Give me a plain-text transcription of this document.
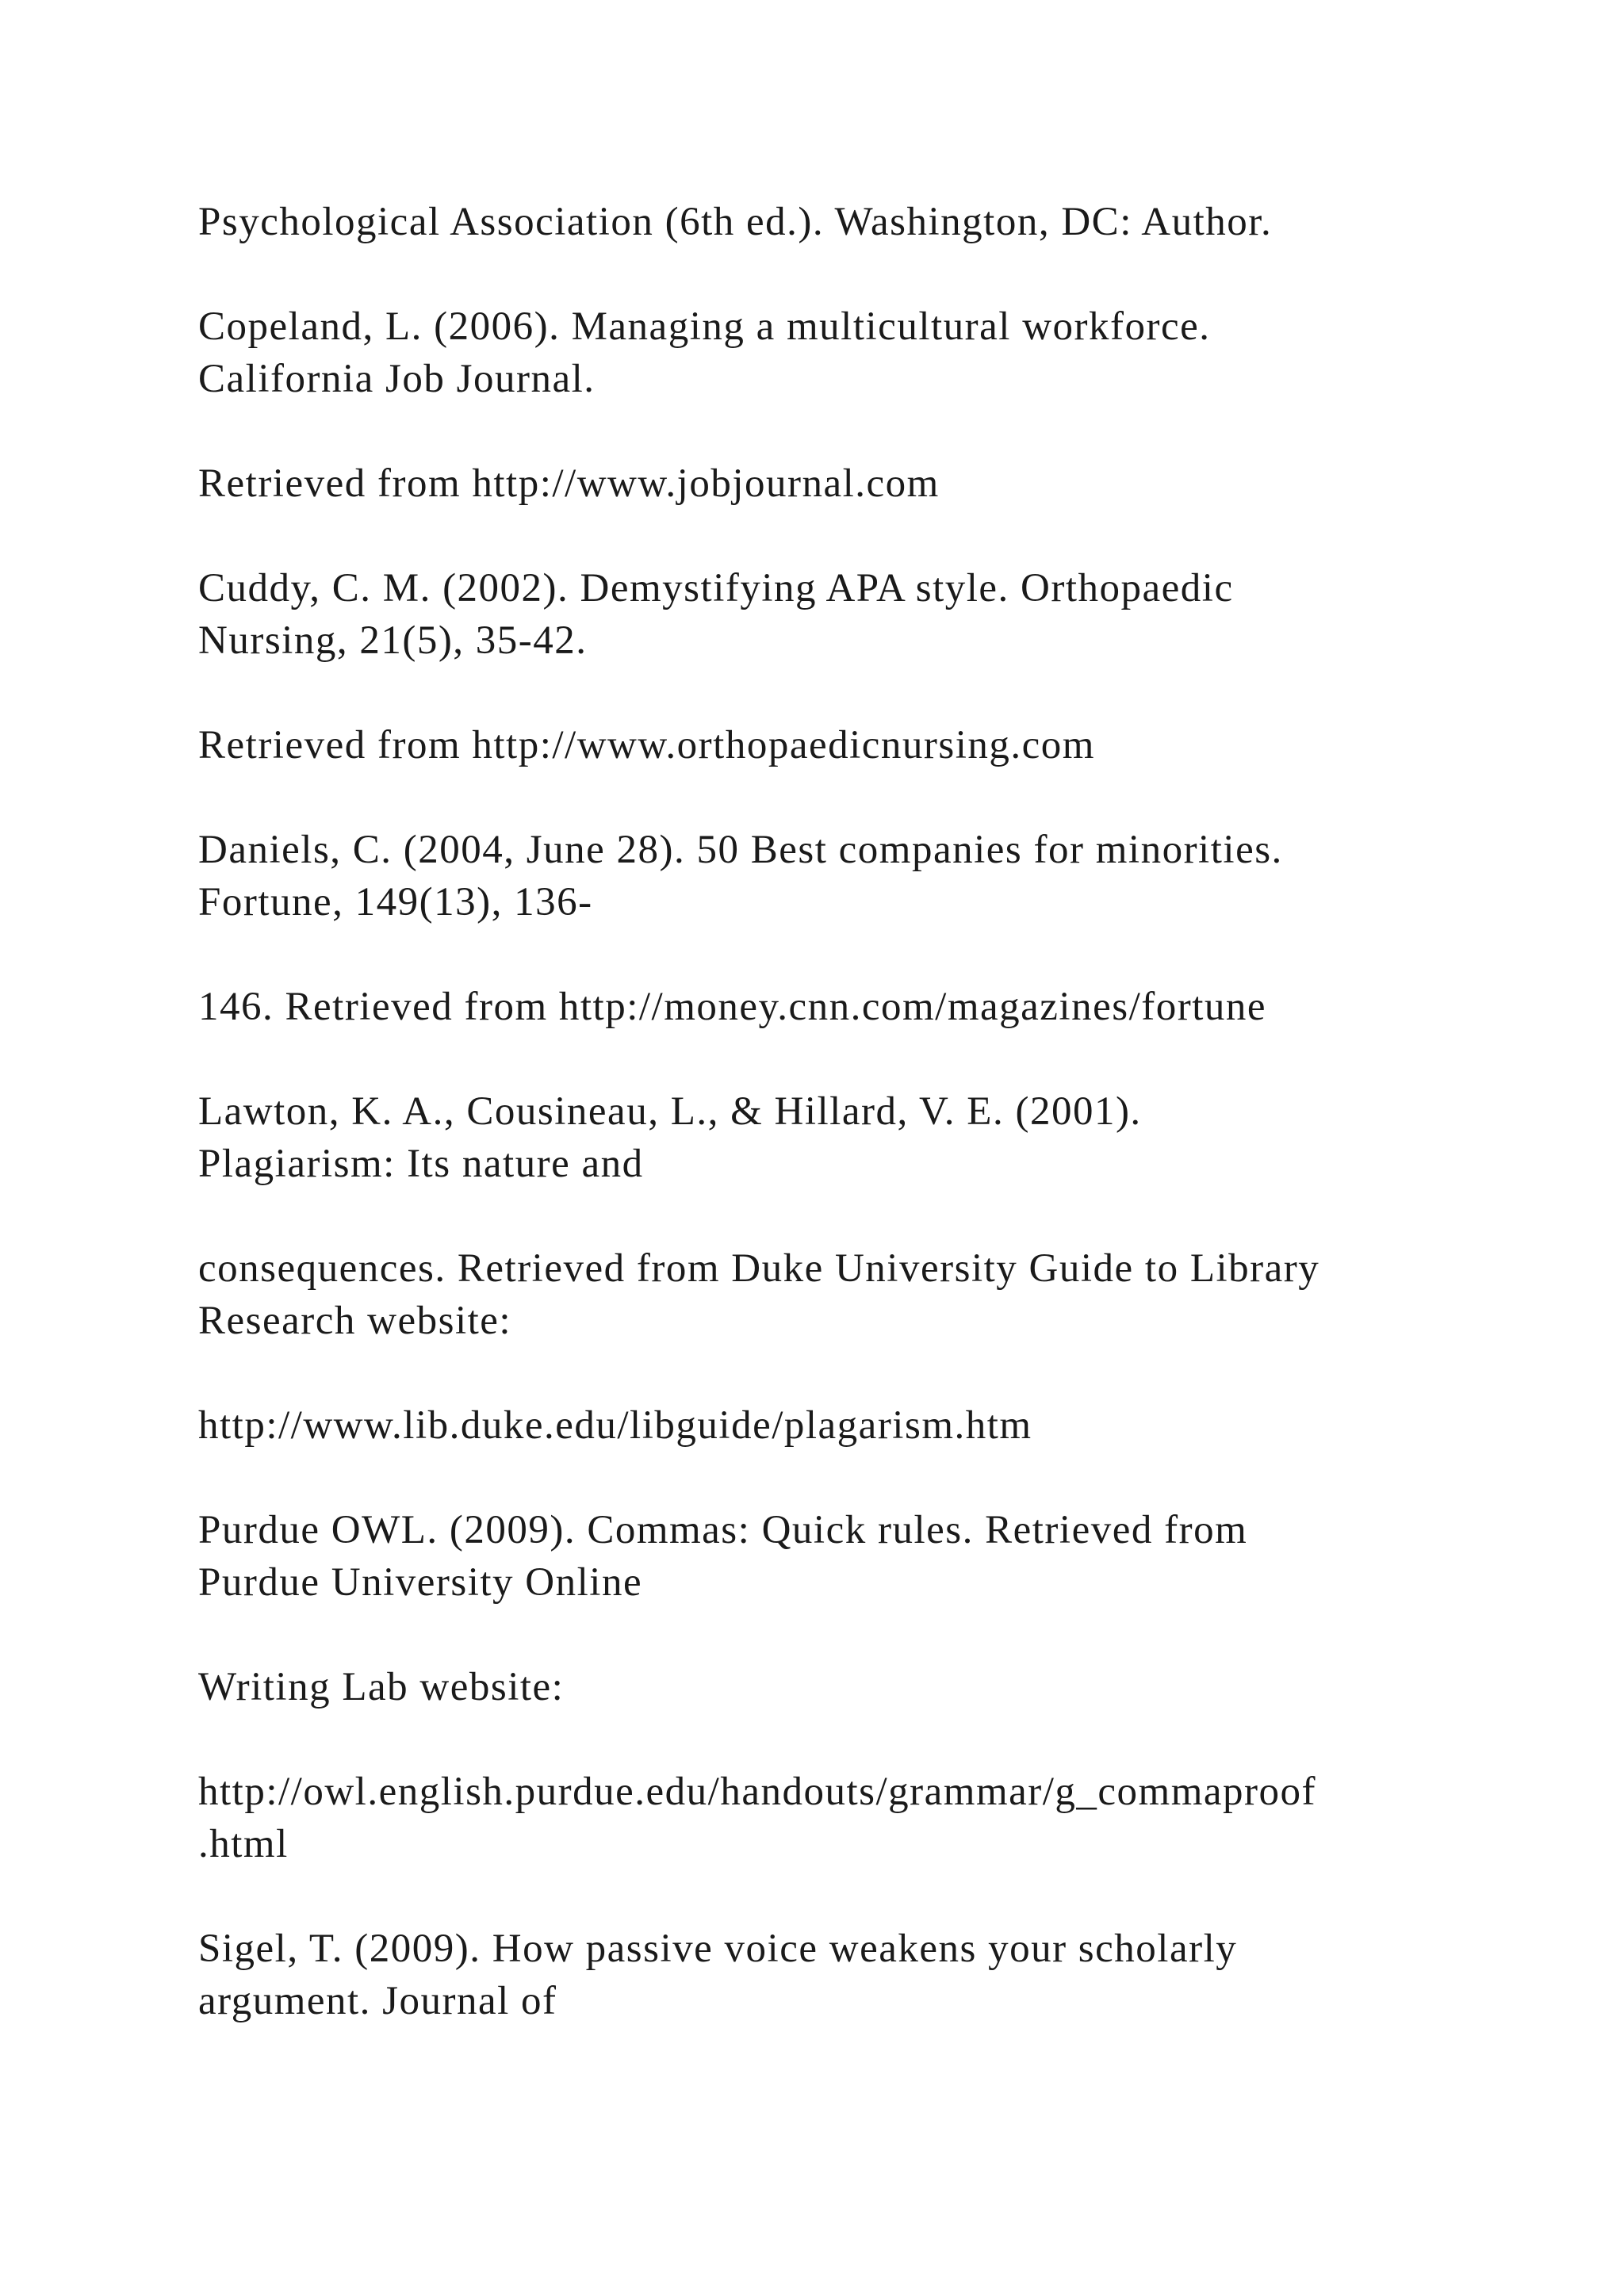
Psychological Association (6th ed.). Washington, DC: Author.

Copeland, L. (2006). Managing a multicultural workforce.

California Job Journal.

Retrieved from http://www.jobjournal.com

Cuddy, C. M. (2002). Demystifying APA style. Orthopaedic

Nursing, 21(5), 35-42.

Retrieved from http://www.orthopaedicnursing.com

Daniels, C. (2004, June 28). 50 Best companies for minorities.

Fortune, 149(13), 136-

146. Retrieved from http://money.cnn.com/magazines/fortune

Lawton, K. A., Cousineau, L., & Hillard, V. E. (2001).

Plagiarism: Its nature and

consequences. Retrieved from Duke University Guide to Library

Research website:

http://www.lib.duke.edu/libguide/plagarism.htm

Purdue OWL. (2009). Commas: Quick rules. Retrieved from

Purdue University Online

Writing Lab website:

http://owl.english.purdue.edu/handouts/grammar/g_commaproof

.html

Sigel, T. (2009). How passive voice weakens your scholarly

argument. Journal of
